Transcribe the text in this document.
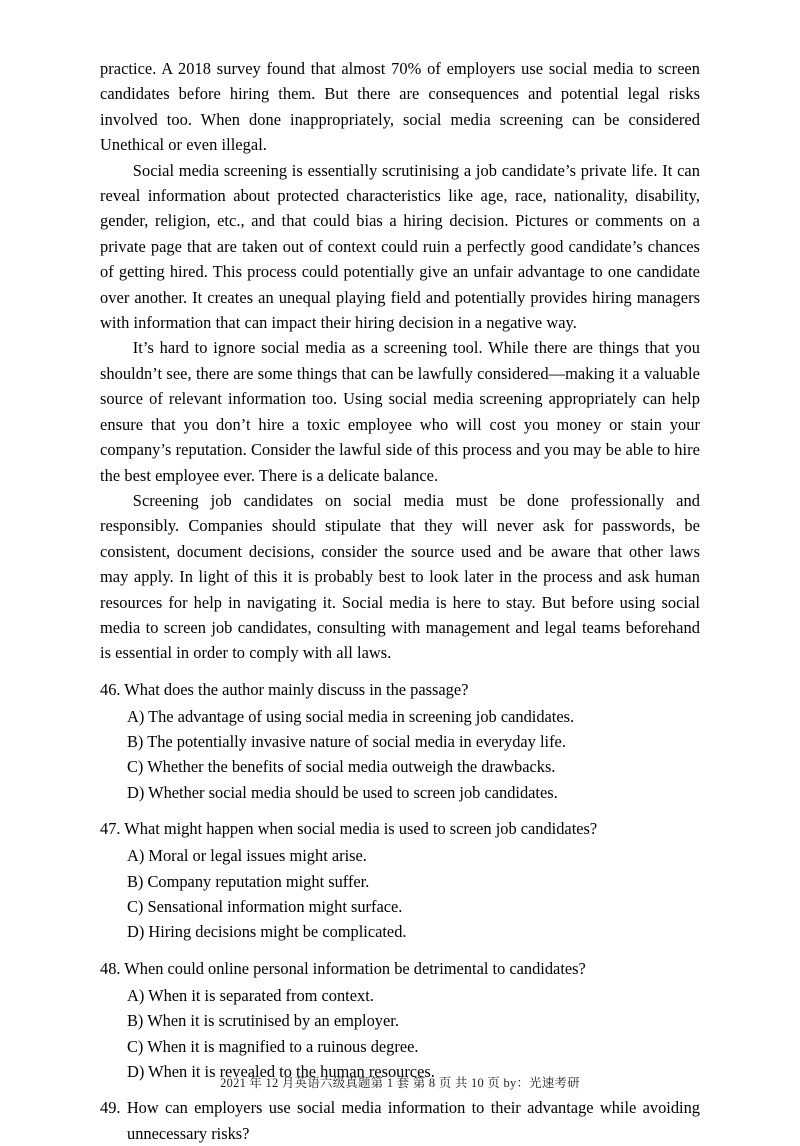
practice. A 2018 survey found that almost 70% of employers use social media to screen candidates before hiring them. But there are consequences and potential legal risks involved too. When done inappropriately, social media screening can be considered Unethical or even illegal.

Social media screening is essentially scrutinising a job candidate’s private life. It can reveal information about protected characteristics like age, race, nationality, disability, gender, religion, etc., and that could bias a hiring decision. Pictures or comments on a private page that are taken out of context could ruin a perfectly good candidate’s chances of getting hired. This process could potentially give an unfair advantage to one candidate over another. It creates an unequal playing field and potentially provides hiring managers with information that can impact their hiring decision in a negative way.

It’s hard to ignore social media as a screening tool. While there are things that you shouldn’t see, there are some things that can be lawfully considered—making it a valuable source of relevant information too. Using social media screening appropriately can help ensure that you don’t hire a toxic employee who will cost you money or stain your company’s reputation. Consider the lawful side of this process and you may be able to hire the best employee ever. There is a delicate balance.

Screening job candidates on social media must be done professionally and responsibly. Companies should stipulate that they will never ask for passwords, be consistent, document decisions, consider the source used and be aware that other laws may apply. In light of this it is probably best to look later in the process and ask human resources for help in navigating it. Social media is here to stay. But before using social media to screen job candidates, consulting with management and legal teams beforehand is essential in order to comply with all laws.

46. What does the author mainly discuss in the passage?

A) The advantage of using social media in screening job candidates.

B) The potentially invasive nature of social media in everyday life.

C) Whether the benefits of social media outweigh the drawbacks.

D) Whether social media should be used to screen job candidates.

47. What might happen when social media is used to screen job candidates?

A) Moral or legal issues might arise.

B) Company reputation might suffer.

C) Sensational information might surface.

D) Hiring decisions might be complicated.

48. When could online personal information be detrimental to candidates?

A) When it is separated from context.

B) When it is scrutinised by an employer.

C) When it is magnified to a ruinous degree.

D) When it is revealed to the human resources.

49. How can employers use social media information to their advantage while avoiding unnecessary risks?

2021 年 12 月英语六级真题第 1 套 第 8 页 共 10 页 by：光速考研
